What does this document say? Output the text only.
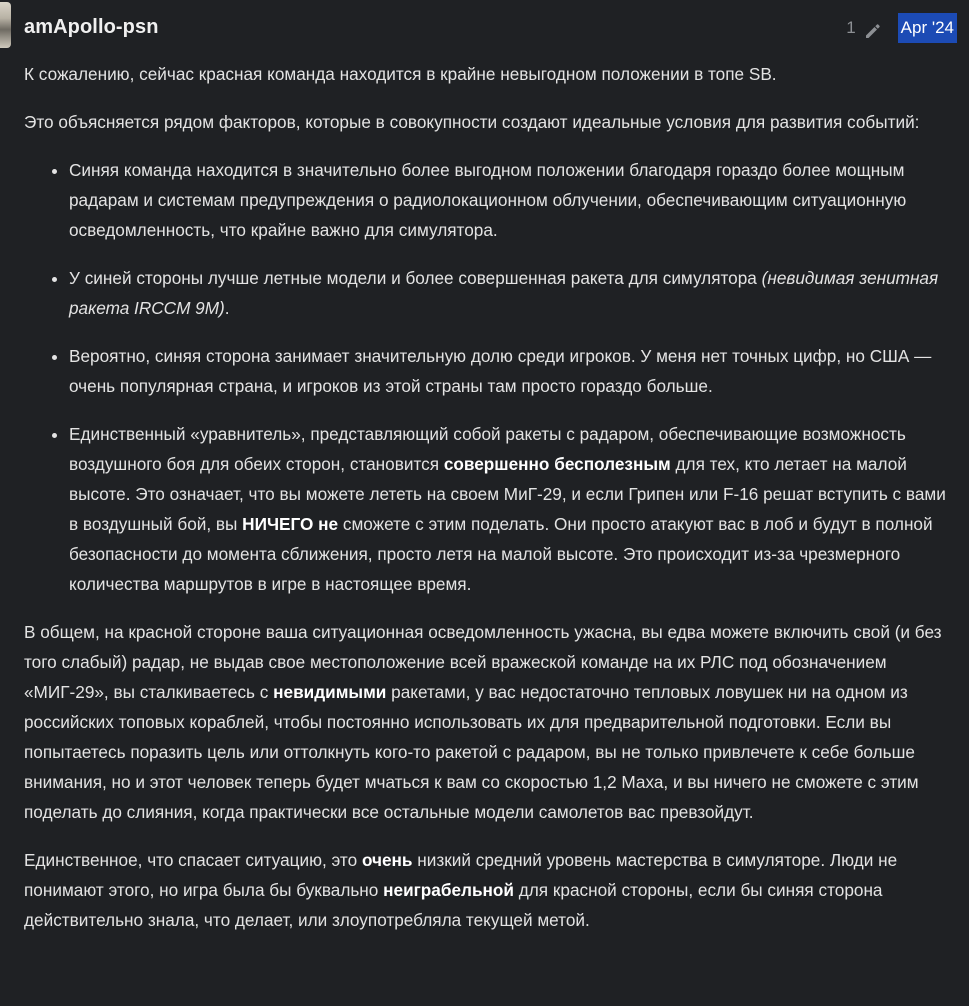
amApollo-psn	1	Apr '24

К сожалению, сейчас красная команда находится в крайне невыгодном положении в топе SB.

Это объясняется рядом факторов, которые в совокупности создают идеальные условия для развития событий:

• Синяя команда находится в значительно более выгодном положении благодаря гораздо более мощным радарам и системам предупреждения о радиолокационном облучении, обеспечивающим ситуационную осведомленность, что крайне важно для симулятора.
• У синей стороны лучше летные модели и более совершенная ракета для симулятора (невидимая зенитная ракета IRCCM 9M).
• Вероятно, синяя сторона занимает значительную долю среди игроков. У меня нет точных цифр, но США — очень популярная страна, и игроков из этой страны там просто гораздо больше.
• Единственный «уравнитель», представляющий собой ракеты с радаром, обеспечивающие возможность воздушного боя для обеих сторон, становится совершенно бесполезным для тех, кто летает на малой высоте. Это означает, что вы можете лететь на своем МиГ-29, и если Грипен или F-16 решат вступить с вами в воздушный бой, вы НИЧЕГО не сможете с этим поделать. Они просто атакуют вас в лоб и будут в полной безопасности до момента сближения, просто летя на малой высоте. Это происходит из-за чрезмерного количества маршрутов в игре в настоящее время.

В общем, на красной стороне ваша ситуационная осведомленность ужасна, вы едва можете включить свой (и без того слабый) радар, не выдав свое местоположение всей вражеской команде на их РЛС под обозначением «МИГ-29», вы сталкиваетесь с невидимыми ракетами, у вас недостаточно тепловых ловушек ни на одном из российских топовых кораблей, чтобы постоянно использовать их для предварительной подготовки. Если вы попытаетесь поразить цель или оттолкнуть кого-то ракетой с радаром, вы не только привлечете к себе больше внимания, но и этот человек теперь будет мчаться к вам со скоростью 1,2 Маха, и вы ничего не сможете с этим поделать до слияния, когда практически все остальные модели самолетов вас превзойдут.

Единственное, что спасает ситуацию, это очень низкий средний уровень мастерства в симуляторе. Люди не понимают этого, но игра была бы буквально неиграбельной для красной стороны, если бы синяя сторона действительно знала, что делает, или злоупотребляла текущей метой.
